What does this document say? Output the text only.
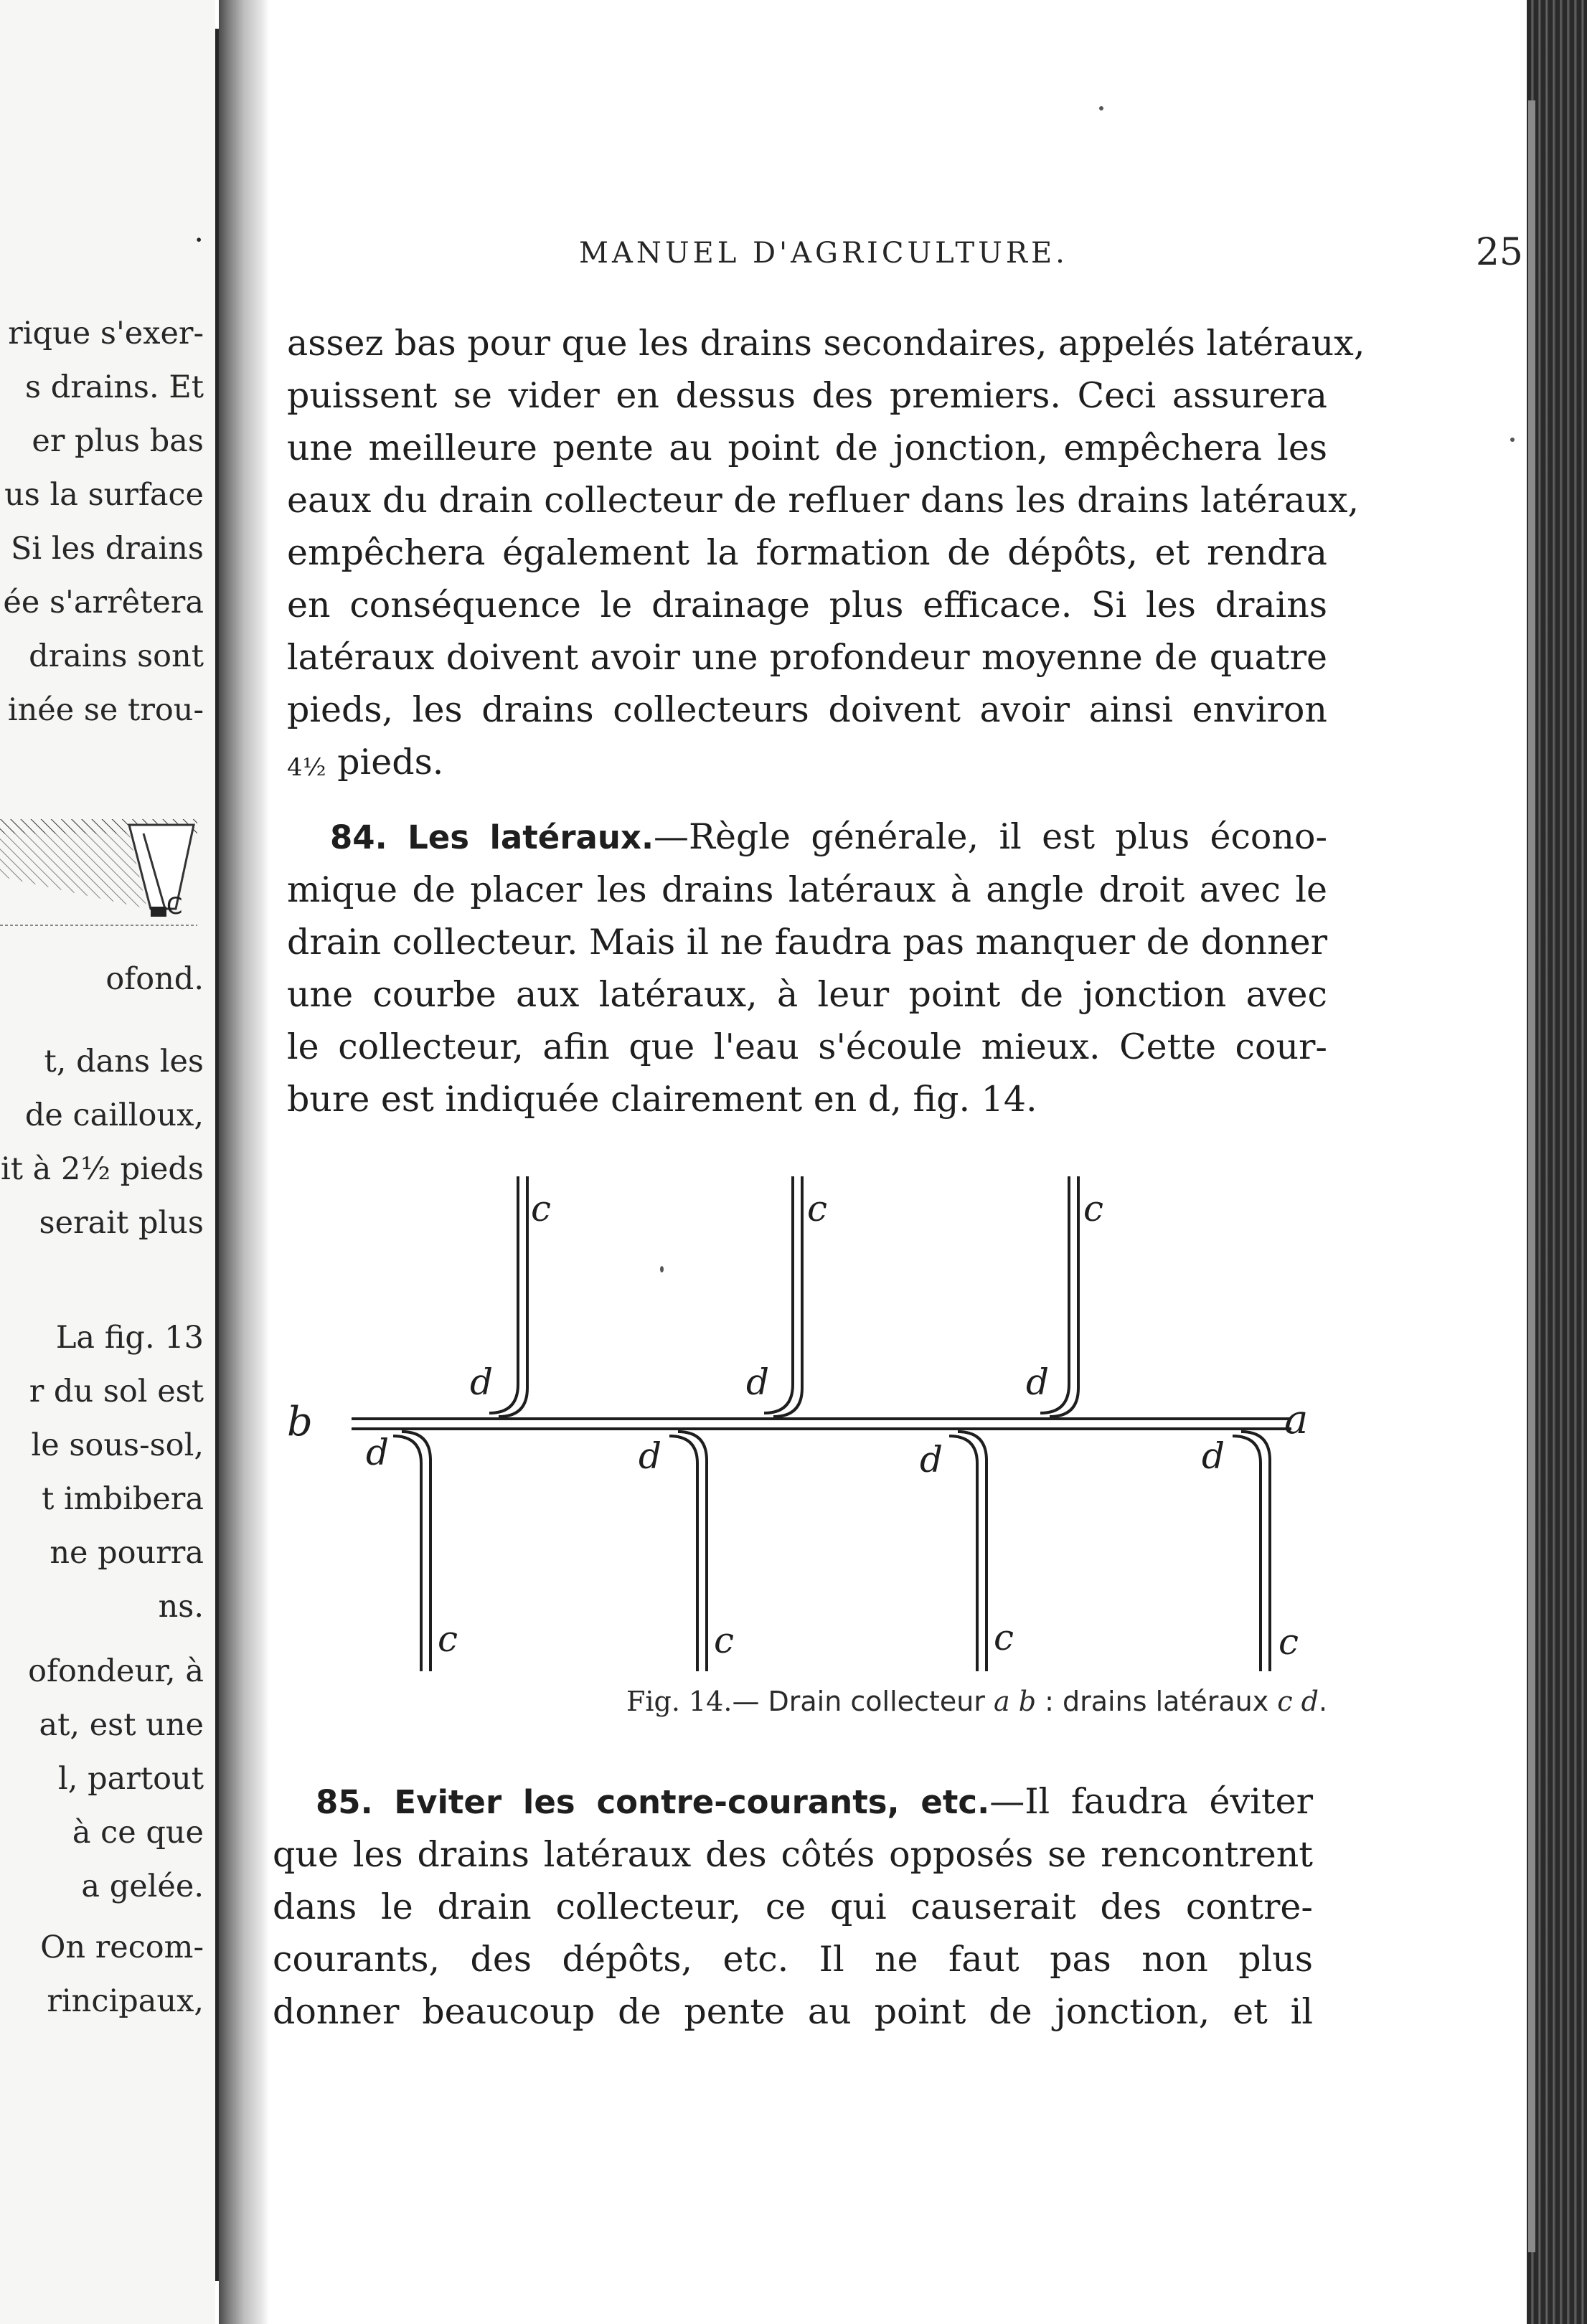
·

rique s'exer-

s drains. Et

er plus bas

us la surface

Si les drains

ée s'arrêtera

drains sont

inée se trou-

C

ofond.

t, dans les

de cailloux,

it à 2½ pieds

serait plus

La fig. 13

r du sol est

le sous-sol,

t imbibera

ne pourra

ns.

ofondeur, à

at, est une

l, partout

à ce que

a gelée.

On recom-

rincipaux,

MANUEL D'AGRICULTURE.	25
assez bas pour que les drains secondaires, appelés latéraux,
puissent se vider en dessus des premiers. Ceci assurera
une meilleure pente au point de jonction, empêchera les
eaux du drain collecteur de refluer dans les drains latéraux,
empêchera également la formation de dépôts, et rendra
en conséquence le drainage plus efficace. Si les drains
latéraux doivent avoir une profondeur moyenne de quatre
pieds, les drains collecteurs doivent avoir ainsi environ
4½ pieds.
84. Les latéraux.—Règle générale, il est plus écono-
mique de placer les drains latéraux à angle droit avec le
drain collecteur. Mais il ne faudra pas manquer de donner
une courbe aux latéraux, à leur point de jonction avec
le collecteur, afin que l'eau s'écoule mieux. Cette cour-
bure est indiquée clairement en d, fig. 14.
c	c	c
d	d	d
b	a
d	d	d	d
c	c	c	c

Fig. 14.— Drain collecteur a b : drains latéraux c d.

85. Eviter les contre-courants, etc.—Il faudra éviter
que les drains latéraux des côtés opposés se rencontrent
dans le drain collecteur, ce qui causerait des contre-
courants, des dépôts, etc. Il ne faut pas non plus
donner beaucoup de pente au point de jonction, et il
